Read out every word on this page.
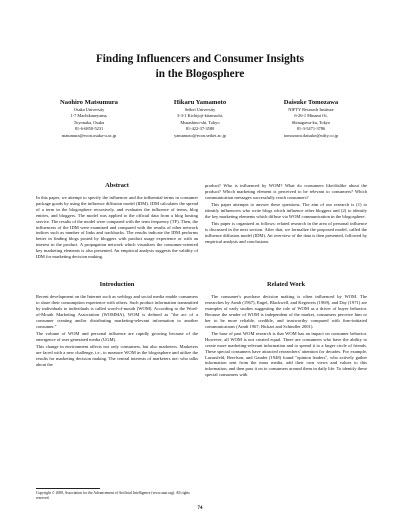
Finding Influencers and Consumer Insights
in the Blogosphere
Naohiro Matsumura
Osaka University
1-7 Machikaneyama,
Toyonaka, Osaka
81-6-6850-5231
matumura@econ.osaka-u.ac.jp
Hikaru Yamamoto
Seikei University
3-3-1 Kichijoji-kitamachi,
Musashino-shi, Tokyo
81-422-37-3580
yamamoto@econ.seikei.ac.jp
Daisuke Tomozawa
NIFTY Research Institute
6-26-1 Minami Oi,
Shinagawa-ku, Tokyo
81-3-5471-3786
tomozawa.daisuke@nifty.co.jp
Abstract
In this paper, we attempt to specify the influencer and the influential terms in consumer package goods by using the influence diffusion model (IDM). IDM calculates the spread of a term in the blogosphere recursively, and evaluates the influence of terms, blog entries, and bloggers. The model was applied to the official data from a blog hosting service. The results of the model were compared with the term frequency (TF). Then, the influencers of the IDM were examined and compared with the results of other network indices such as number of links and trackbacks. The results indicate the IDM performs better in finding blogs posted by bloggers with product usage experience or with an interest in the product. A propagation network which visualizes the consumer-oriented key marketing elements is also presented. An empirical analysis suggests the validity of IDM for marketing decision making.
product? Who is influenced by WOM? What do consumers like/dislike about the product? Which marketing element is perceived to be relevant to consumers? Which communication messages successfully reach consumers?
This paper attempts to answer these questions. The aim of our research is (1) to identify influencers who write blogs which influence other bloggers and (2) to identify the key marketing elements which diffuse via WOM communication in the blogosphere.
This paper is organized as follows; related research in the area of personal influence is discussed in the next section. After that, we formalize the proposed model, called the influence diffusion model (IDM). An overview of the data is then presented, followed by empirical analysis and conclusions.
Introduction
Recent development on the Internet such as weblogs and social media enable consumers to share their consumption experience with others. Such product information transmitted by individuals to individuals is called word-of-mouth (WOM). According to the Word-of-Mouth Marketing Association (WOMMA), WOM is defined as "the act of a consumer creating and/or distributing marketing-relevant information to another consumer."
The volume of WOM and personal influence are rapidly growing because of the emergence of user generated media (UGM).
This change in environment affects not only consumers, but also marketers. Marketers are faced with a new challenge, i.e., to measure WOM in the blogosphere and utilize the results for marketing decision making. The central interests of marketers are: who talks about the
Related Work
The consumer's purchase decision making is often influenced by WOM. The researches by Arndt (1967), Engel, Blackwell, and Kegerreis (1969), and Day (1971) are examples of early studies suggesting the role of WOM as a driver of buyer behavior. Because the sender of WOM is independent of the market, consumers perceive him or her to be more reliable, credible, and trustworthy compared with firm-initiated communications (Arndt 1967; Bickart and Schindler 2001).
The base of past WOM research is that WOM has an impact on consumer behavior. However, all WOM is not created equal. There are consumers who have the ability to create more marketing-relevant information and to spread it to a larger circle of friends. These special consumers have attracted researchers' attention for decades. For example, Lazarsfeld, Berelson, and Gaudet (1948) found "opinion leaders", who actively gather information sent from the mass media, add their own views and values to this information, and then pass it on to consumers around them in daily life. To identify these special consumers with
Copyright © 2008, Association for the Advancement of Artificial Intelligence (www.aaai.org). All rights reserved.
74
